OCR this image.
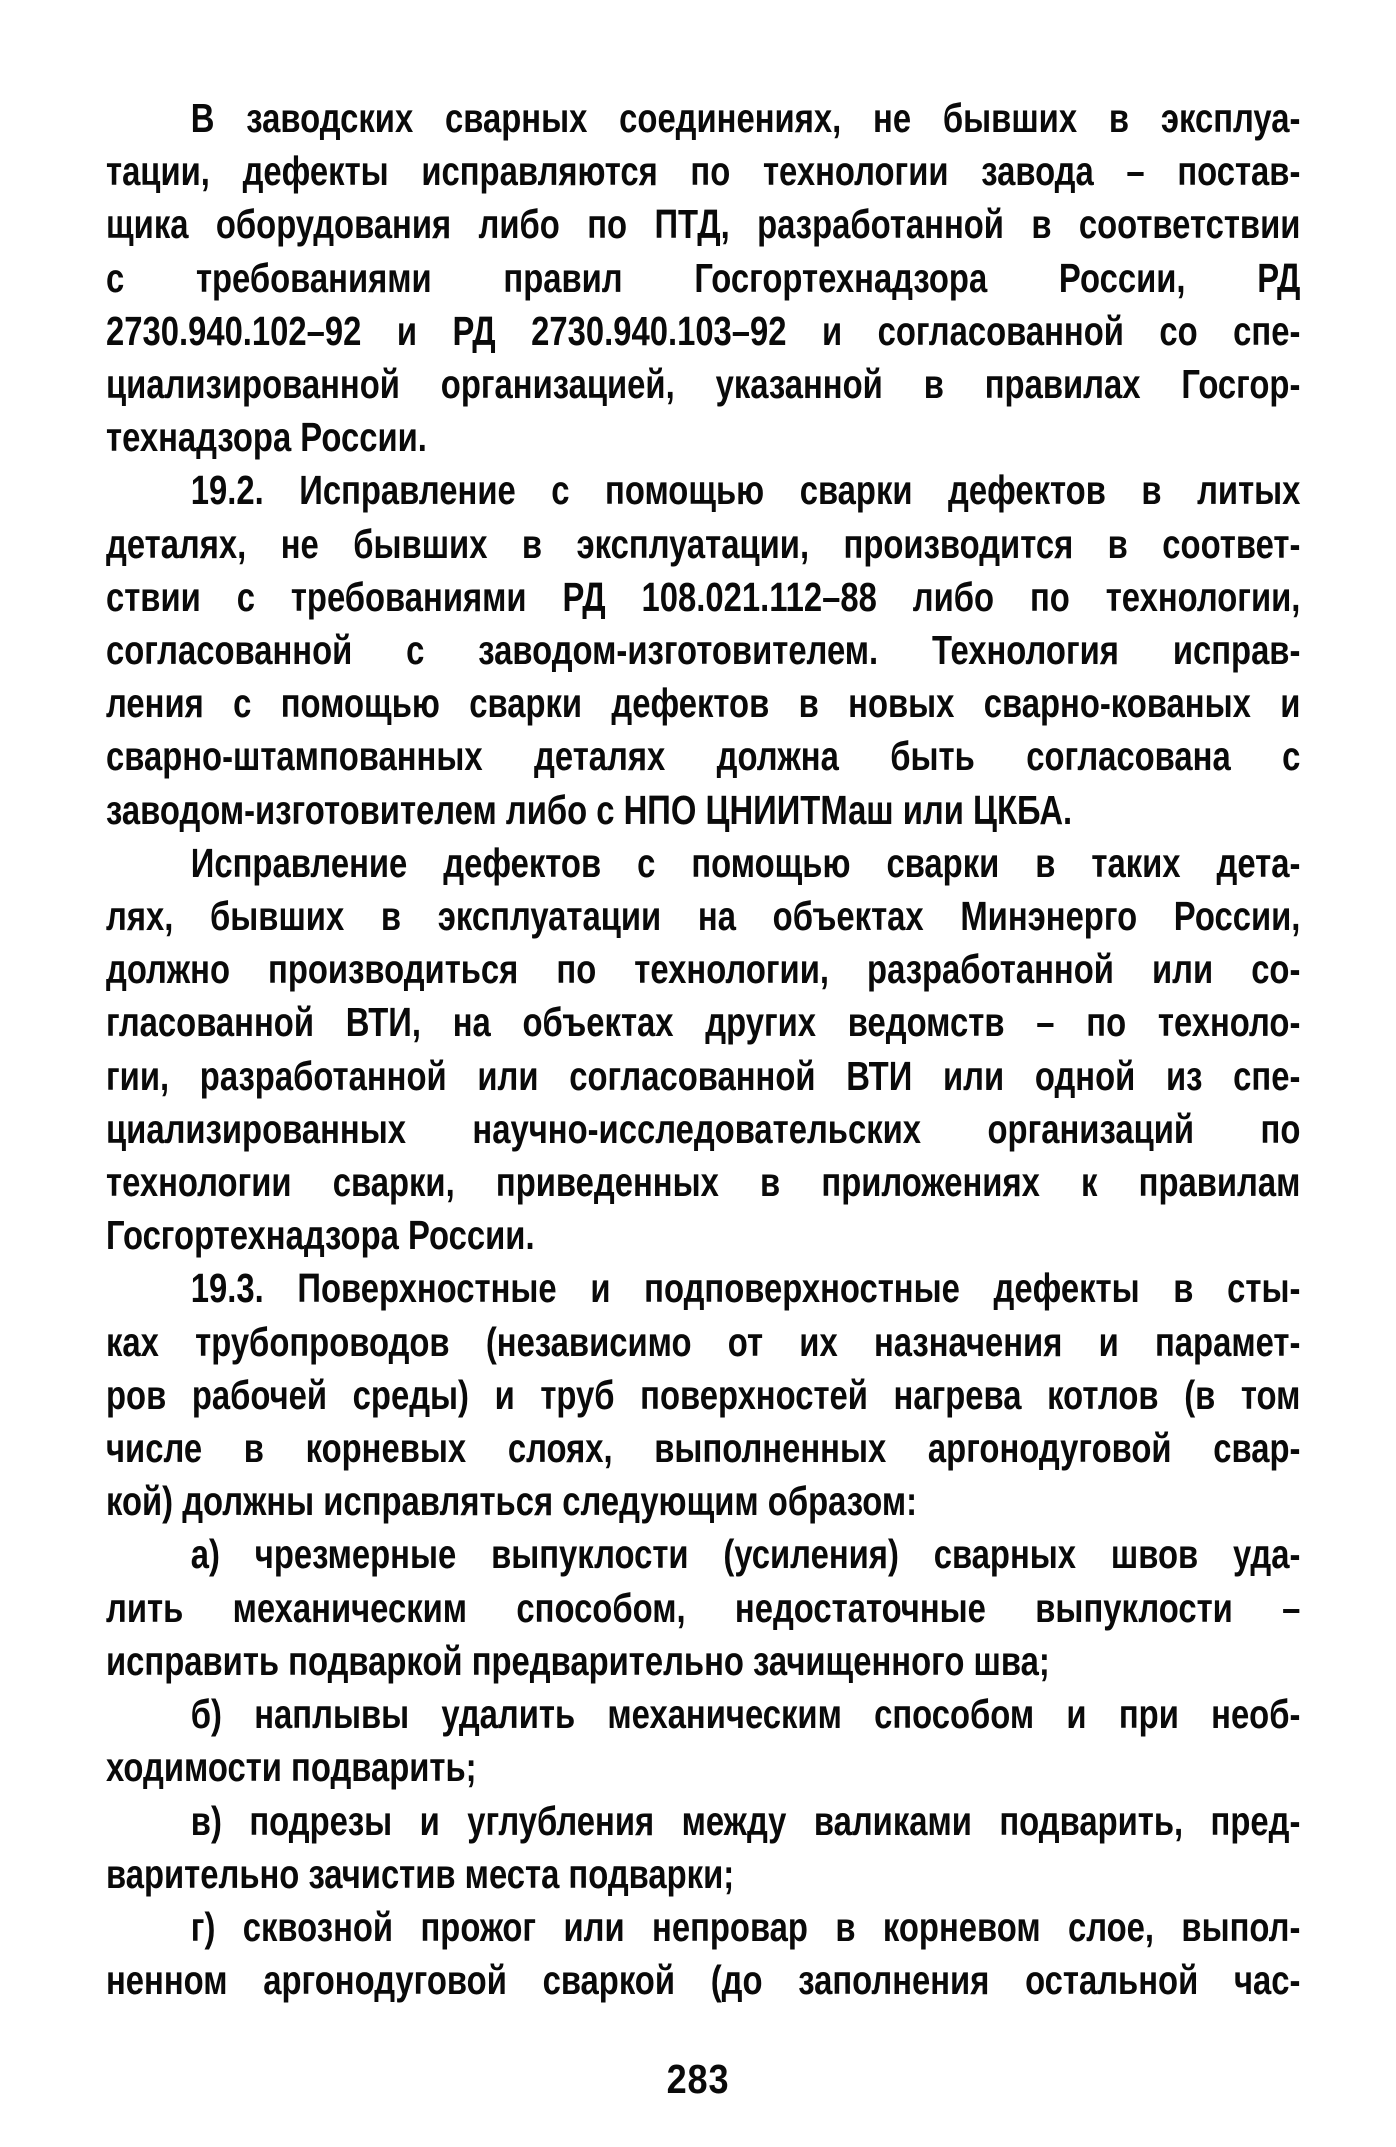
В заводских сварных соединениях, не бывших в эксплуа-
тации, дефекты исправляются по технологии завода – постав-
щика оборудования либо по ПТД, разработанной в соответствии
с требованиями правил Госгортехнадзора России, РД
2730.940.102–92 и РД 2730.940.103–92 и согласованной со спе-
циализированной организацией, указанной в правилах Госгор-
технадзора России.
19.2. Исправление с помощью сварки дефектов в литых
деталях, не бывших в эксплуатации, производится в соответ-
ствии с требованиями РД 108.021.112–88 либо по технологии,
согласованной с заводом-изготовителем. Технология исправ-
ления с помощью сварки дефектов в новых сварно-кованых и
сварно-штампованных деталях должна быть согласована с
заводом-изготовителем либо с НПО ЦНИИТМаш или ЦКБА.
Исправление дефектов с помощью сварки в таких дета-
лях, бывших в эксплуатации на объектах Минэнерго России,
должно производиться по технологии, разработанной или со-
гласованной ВТИ, на объектах других ведомств – по техноло-
гии, разработанной или согласованной ВТИ или одной из спе-
циализированных научно-исследовательских организаций по
технологии сварки, приведенных в приложениях к правилам
Госгортехнадзора России.
19.3. Поверхностные и подповерхностные дефекты в сты-
ках трубопроводов (независимо от их назначения и парамет-
ров рабочей среды) и труб поверхностей нагрева котлов (в том
числе в корневых слоях, выполненных аргонодуговой свар-
кой) должны исправляться следующим образом:
а) чрезмерные выпуклости (усиления) сварных швов уда-
лить механическим способом, недостаточные выпуклости –
исправить подваркой предварительно зачищенного шва;
б) наплывы удалить механическим способом и при необ-
ходимости подварить;
в) подрезы и углубления между валиками подварить, пред-
варительно зачистив места подварки;
г) сквозной прожог или непровар в корневом слое, выпол-
ненном аргонодуговой сваркой (до заполнения остальной час-
283
